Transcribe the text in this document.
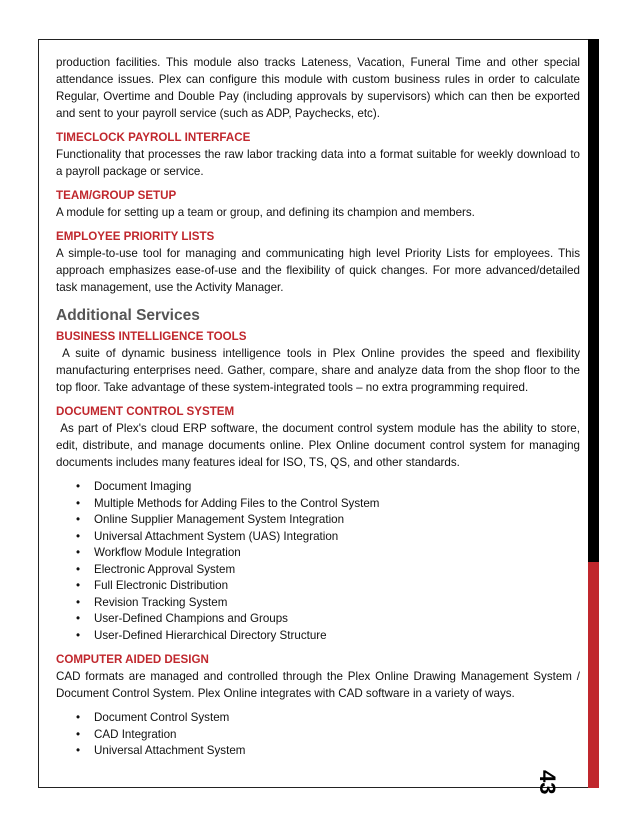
43

production facilities. This module also tracks Lateness, Vacation, Funeral Time and other special attendance issues. Plex can configure this module with custom business rules in order to calculate Regular, Overtime and Double Pay (including approvals by supervisors) which can then be exported and sent to your payroll service (such as ADP, Paychecks, etc).

TIMECLOCK PAYROLL INTERFACE

Functionality that processes the raw labor tracking data into a format suitable for weekly download to a payroll package or service.

TEAM/GROUP SETUP

A module for setting up a team or group, and defining its champion and members.

EMPLOYEE PRIORITY LISTS

A simple-to-use tool for managing and communicating high level Priority Lists for employees. This approach emphasizes ease-of-use and the flexibility of quick changes. For more advanced/detailed task management, use the Activity Manager.

Additional Services
BUSINESS INTELLIGENCE TOOLS

A suite of dynamic business intelligence tools in Plex Online provides the speed and flexibility manufacturing enterprises need. Gather, compare, share and analyze data from the shop floor to the top floor. Take advantage of these system-integrated tools – no extra programming required.

DOCUMENT CONTROL SYSTEM

As part of Plex's cloud ERP software, the document control system module has the ability to store, edit, distribute, and manage documents online. Plex Online document control system for managing documents includes many features ideal for ISO, TS, QS, and other standards.

• Document Imaging
• Multiple Methods for Adding Files to the Control System
• Online Supplier Management System Integration
• Universal Attachment System (UAS) Integration
• Workflow Module Integration
• Electronic Approval System
• Full Electronic Distribution
• Revision Tracking System
• User-Defined Champions and Groups
• User-Defined Hierarchical Directory Structure
COMPUTER AIDED DESIGN

CAD formats are managed and controlled through the Plex Online Drawing Management System / Document Control System. Plex Online integrates with CAD software in a variety of ways.

• Document Control System
• CAD Integration
• Universal Attachment System
